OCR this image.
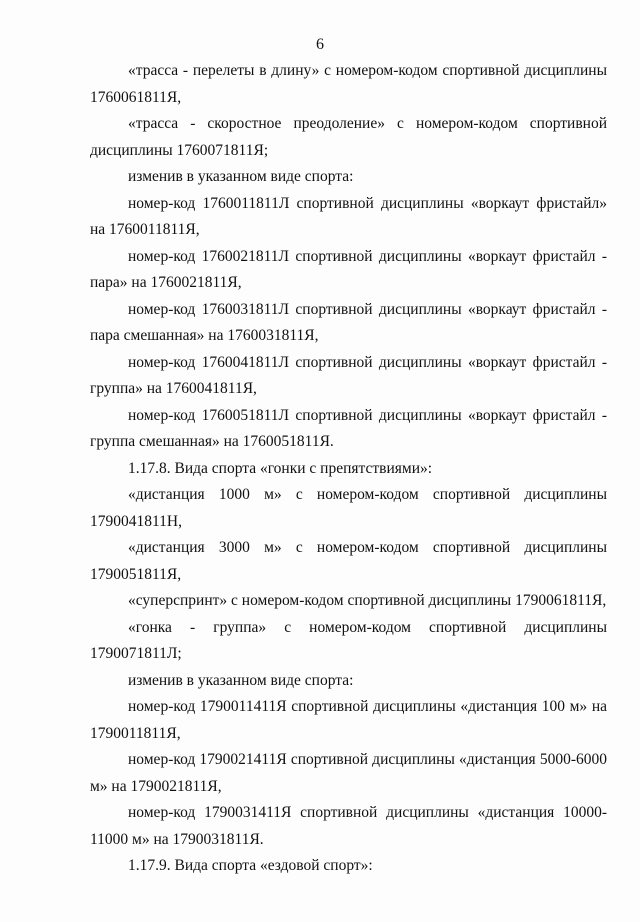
6

«трасса - перелеты в длину» с номером-кодом спортивной дисциплины 1760061811Я,

«трасса - скоростное преодоление» с номером-кодом спортивной дисциплины 1760071811Я;

изменив в указанном виде спорта:

номер-код 1760011811Л спортивной дисциплины «воркаут фристайл» на 1760011811Я,

номер-код 1760021811Л спортивной дисциплины «воркаут фристайл - пара» на 1760021811Я,

номер-код 1760031811Л спортивной дисциплины «воркаут фристайл - пара смешанная» на 1760031811Я,

номер-код 1760041811Л спортивной дисциплины «воркаут фристайл - группа» на 1760041811Я,

номер-код 1760051811Л спортивной дисциплины «воркаут фристайл - группа смешанная» на 1760051811Я.

1.17.8. Вида спорта «гонки с препятствиями»:

«дистанция 1000 м» с номером-кодом спортивной дисциплины 1790041811Н,

«дистанция 3000 м» с номером-кодом спортивной дисциплины 1790051811Я,

«суперспринт» с номером-кодом спортивной дисциплины 1790061811Я,

«гонка - группа» с номером-кодом спортивной дисциплины 1790071811Л;

изменив в указанном виде спорта:

номер-код 1790011411Я спортивной дисциплины «дистанция 100 м» на 1790011811Я,

номер-код 1790021411Я спортивной дисциплины «дистанция 5000-6000 м» на 1790021811Я,

номер-код 1790031411Я спортивной дисциплины «дистанция 10000-11000 м» на 1790031811Я.

1.17.9. Вида спорта «ездовой спорт»:
